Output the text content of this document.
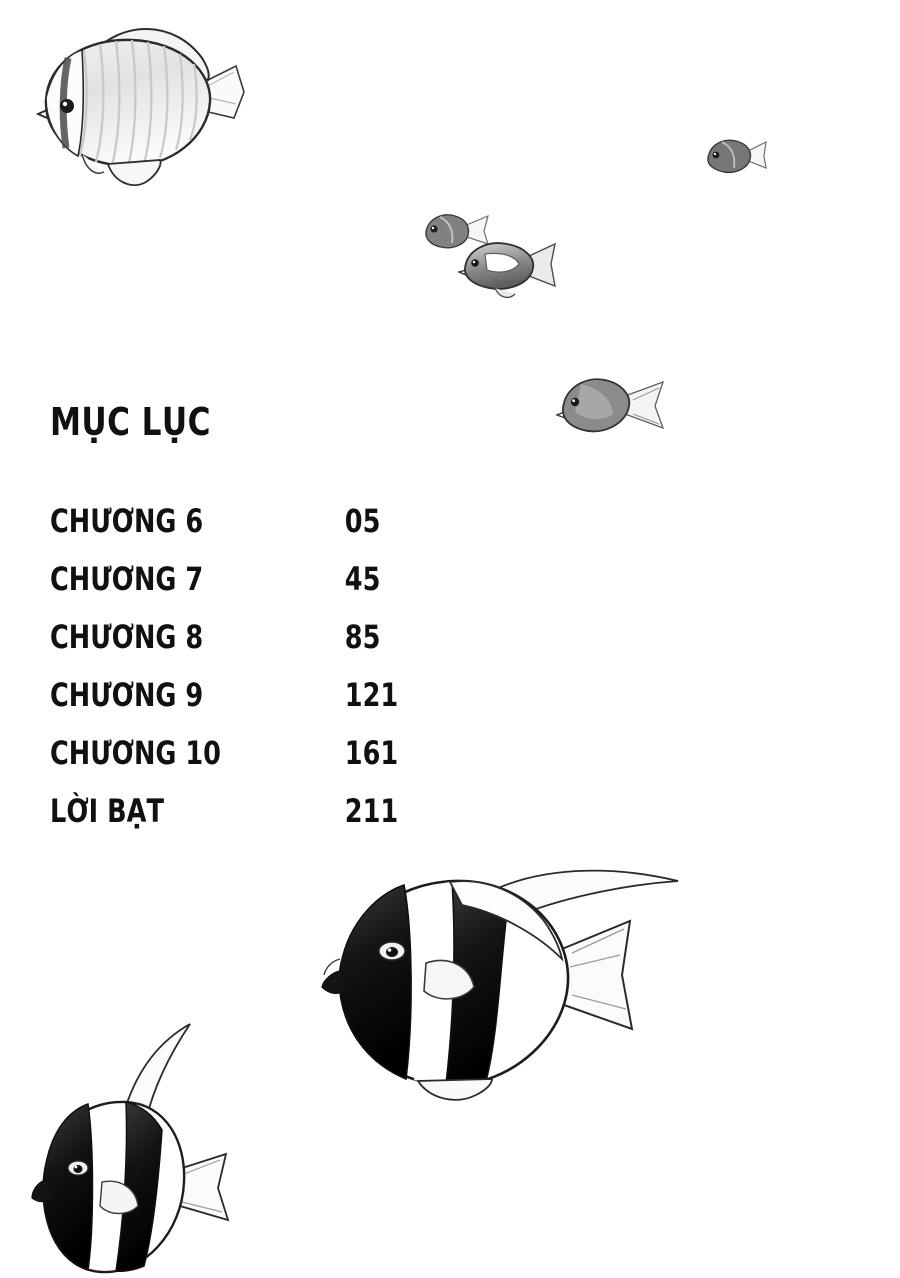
MỤC LỤC
CHƯƠNG 6	05
CHƯƠNG 7	45
CHƯƠNG 8	85
CHƯƠNG 9	121
CHƯƠNG 10	161
LỜI BẠT	211
